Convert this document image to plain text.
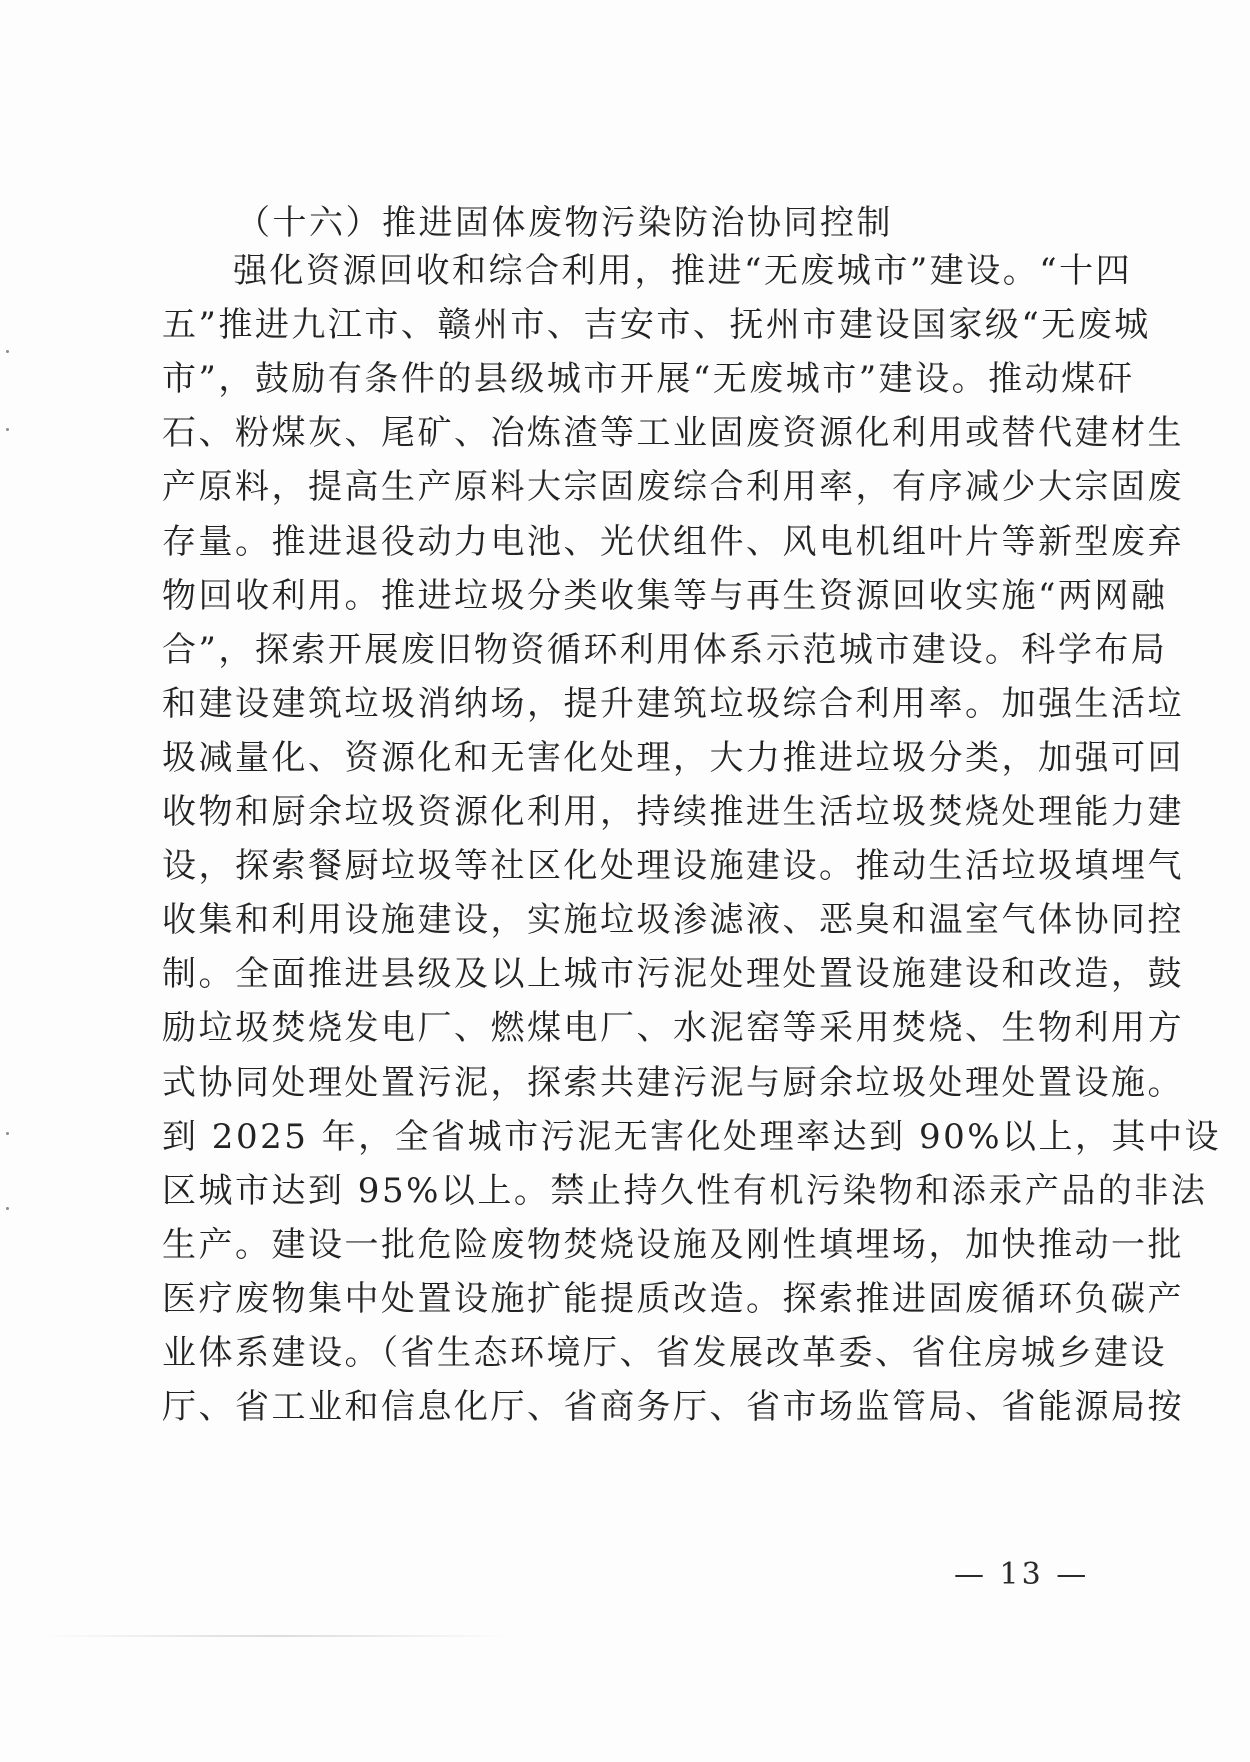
（十六）推进固体废物污染防治协同控制
强化资源回收和综合利用，推进“无废城市”建设。“十四
五”推进九江市、赣州市、吉安市、抚州市建设国家级“无废城
市”，鼓励有条件的县级城市开展“无废城市”建设。推动煤矸
石、粉煤灰、尾矿、冶炼渣等工业固废资源化利用或替代建材生
产原料，提高生产原料大宗固废综合利用率，有序减少大宗固废
存量。推进退役动力电池、光伏组件、风电机组叶片等新型废弃
物回收利用。推进垃圾分类收集等与再生资源回收实施“两网融
合”，探索开展废旧物资循环利用体系示范城市建设。科学布局
和建设建筑垃圾消纳场，提升建筑垃圾综合利用率。加强生活垃
圾减量化、资源化和无害化处理，大力推进垃圾分类，加强可回
收物和厨余垃圾资源化利用，持续推进生活垃圾焚烧处理能力建
设，探索餐厨垃圾等社区化处理设施建设。推动生活垃圾填埋气
收集和利用设施建设，实施垃圾渗滤液、恶臭和温室气体协同控
制。全面推进县级及以上城市污泥处理处置设施建设和改造，鼓
励垃圾焚烧发电厂、燃煤电厂、水泥窑等采用焚烧、生物利用方
式协同处理处置污泥，探索共建污泥与厨余垃圾处理处置设施。
到 2025 年，全省城市污泥无害化处理率达到 90%以上，其中设
区城市达到 95%以上。禁止持久性有机污染物和添汞产品的非法
生产。建设一批危险废物焚烧设施及刚性填埋场，加快推动一批
医疗废物集中处置设施扩能提质改造。探索推进固废循环负碳产
业体系建设。（省生态环境厅、省发展改革委、省住房城乡建设
厅、省工业和信息化厅、省商务厅、省市场监管局、省能源局按
— 13 —
